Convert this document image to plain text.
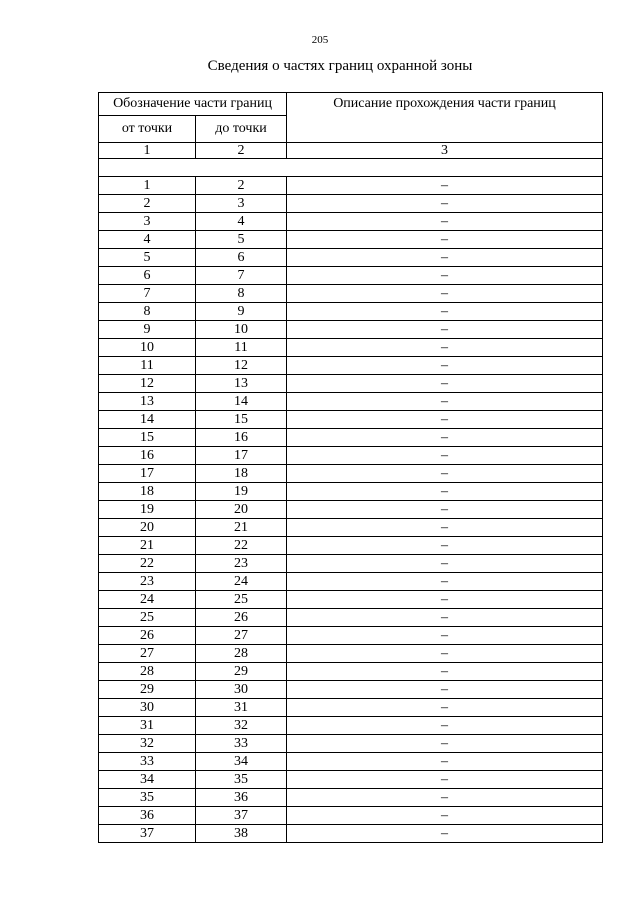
205
Сведения о частях границ охранной зоны
Обозначение части границ		Описание прохождения части границ
от точки	до точки	
1	2	3

1	2	–
2	3	–
3	4	–
4	5	–
5	6	–
6	7	–
7	8	–
8	9	–
9	10	–
10	11	–
11	12	–
12	13	–
13	14	–
14	15	–
15	16	–
16	17	–
17	18	–
18	19	–
19	20	–
20	21	–
21	22	–
22	23	–
23	24	–
24	25	–
25	26	–
26	27	–
27	28	–
28	29	–
29	30	–
30	31	–
31	32	–
32	33	–
33	34	–
34	35	–
35	36	–
36	37	–
37	38	–
